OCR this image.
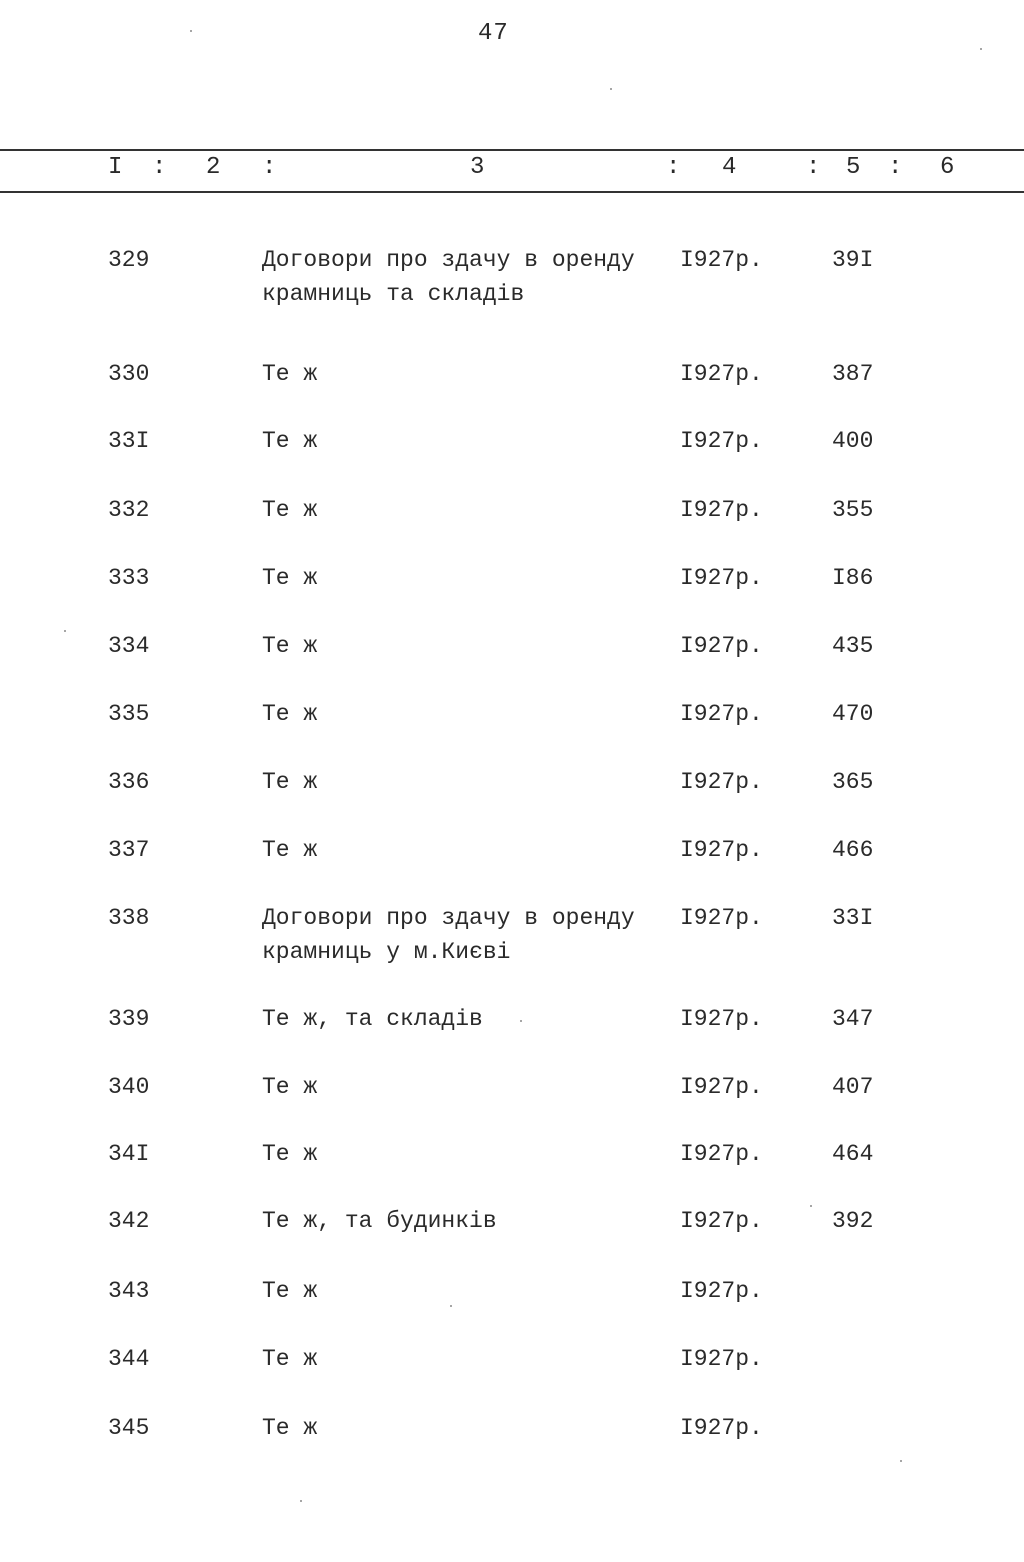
47
I : 2 :	3	: 4	: 5 : 6
329	Договори про здачу в оренду
крамниць та складів
I927р.	39I
330	Те ж	I927р.	387
33I	Те ж	I927р.	400
332	Те ж	I927р.	355
333	Те ж	I927р.	I86
334	Те ж	I927р.	435
335	Те ж	I927р.	470
336	Те ж	I927р.	365
337	Те ж	I927р.	466
338	Договори про здачу в оренду
крамниць у м.Києві
I927р.	33I
339	Те ж, та складів	I927р.	347
340	Те ж	I927р.	407
34I	Те ж	I927р.	464
342	Те ж, та будинків	I927р.	392
343	Те ж	I927р.
344	Те ж	I927р.
345	Те ж	I927р.
